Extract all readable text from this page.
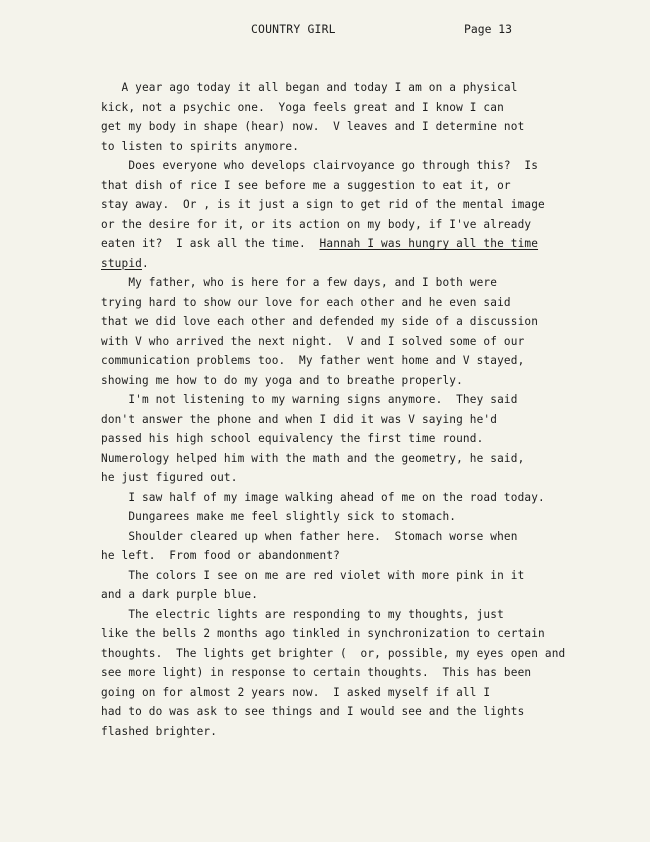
COUNTRY GIRL	Page 13
A year ago today it all began and today I am on a physical
kick, not a psychic one.  Yoga feels great and I know I can
get my body in shape (hear) now.  V leaves and I determine not
to listen to spirits anymore.
Does everyone who develops clairvoyance go through this?  Is
that dish of rice I see before me a suggestion to eat it, or
stay away.  Or , is it just a sign to get rid of the mental image
or the desire for it, or its action on my body, if I've already
eaten it?  I ask all the time.  Hannah I was hungry all the time
stupid.
My father, who is here for a few days, and I both were
trying hard to show our love for each other and he even said
that we did love each other and defended my side of a discussion
with V who arrived the next night.  V and I solved some of our
communication problems too.  My father went home and V stayed,
showing me how to do my yoga and to breathe properly.
I'm not listening to my warning signs anymore.  They said
don't answer the phone and when I did it was V saying he'd
passed his high school equivalency the first time round.
Numerology helped him with the math and the geometry, he said,
he just figured out.
I saw half of my image walking ahead of me on the road today.
Dungarees make me feel slightly sick to stomach.
Shoulder cleared up when father here.  Stomach worse when
he left.  From food or abandonment?
The colors I see on me are red violet with more pink in it
and a dark purple blue.
The electric lights are responding to my thoughts, just
like the bells 2 months ago tinkled in synchronization to certain
thoughts.  The lights get brighter (  or, possible, my eyes open and
see more light) in response to certain thoughts.  This has been
going on for almost 2 years now.  I asked myself if all I
had to do was ask to see things and I would see and the lights
flashed brighter.
